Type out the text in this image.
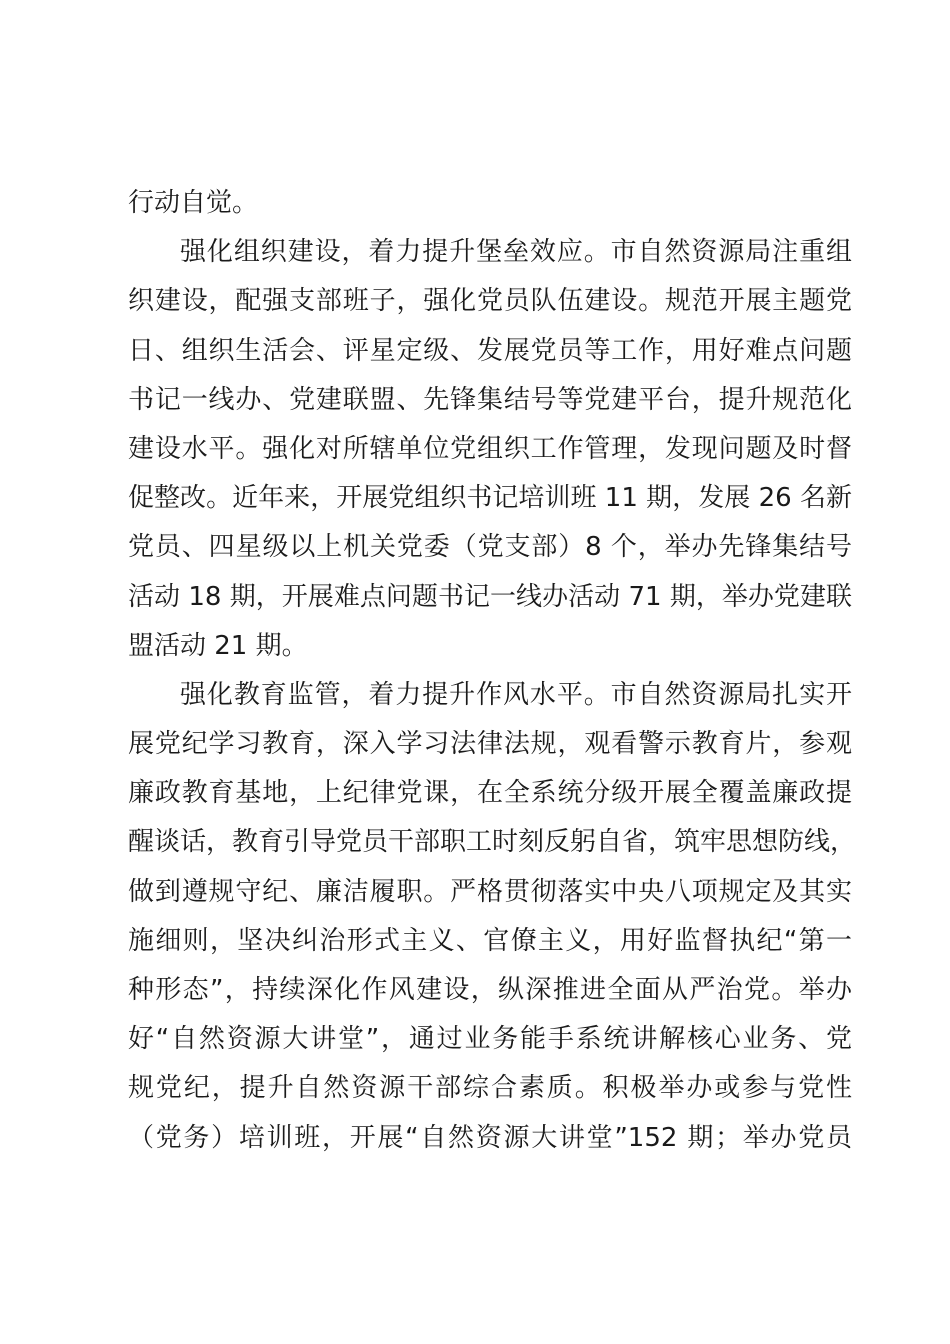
行动自觉。
强化组织建设，着力提升堡垒效应。市自然资源局注重组
织建设，配强支部班子，强化党员队伍建设。规范开展主题党
日、组织生活会、评星定级、发展党员等工作，用好难点问题
书记一线办、党建联盟、先锋集结号等党建平台，提升规范化
建设水平。强化对所辖单位党组织工作管理，发现问题及时督
促整改。近年来，开展党组织书记培训班 11 期，发展 26 名新
党员、四星级以上机关党委（党支部）8 个，举办先锋集结号
活动 18 期，开展难点问题书记一线办活动 71 期，举办党建联
盟活动 21 期。
强化教育监管，着力提升作风水平。市自然资源局扎实开
展党纪学习教育，深入学习法律法规，观看警示教育片，参观
廉政教育基地，上纪律党课，在全系统分级开展全覆盖廉政提
醒谈话，教育引导党员干部职工时刻反躬自省，筑牢思想防线，
做到遵规守纪、廉洁履职。严格贯彻落实中央八项规定及其实
施细则，坚决纠治形式主义、官僚主义，用好监督执纪“第一
种形态”，持续深化作风建设，纵深推进全面从严治党。举办
好“自然资源大讲堂”，通过业务能手系统讲解核心业务、党
规党纪，提升自然资源干部综合素质。积极举办或参与党性
（党务）培训班，开展“自然资源大讲堂”152 期；举办党员
